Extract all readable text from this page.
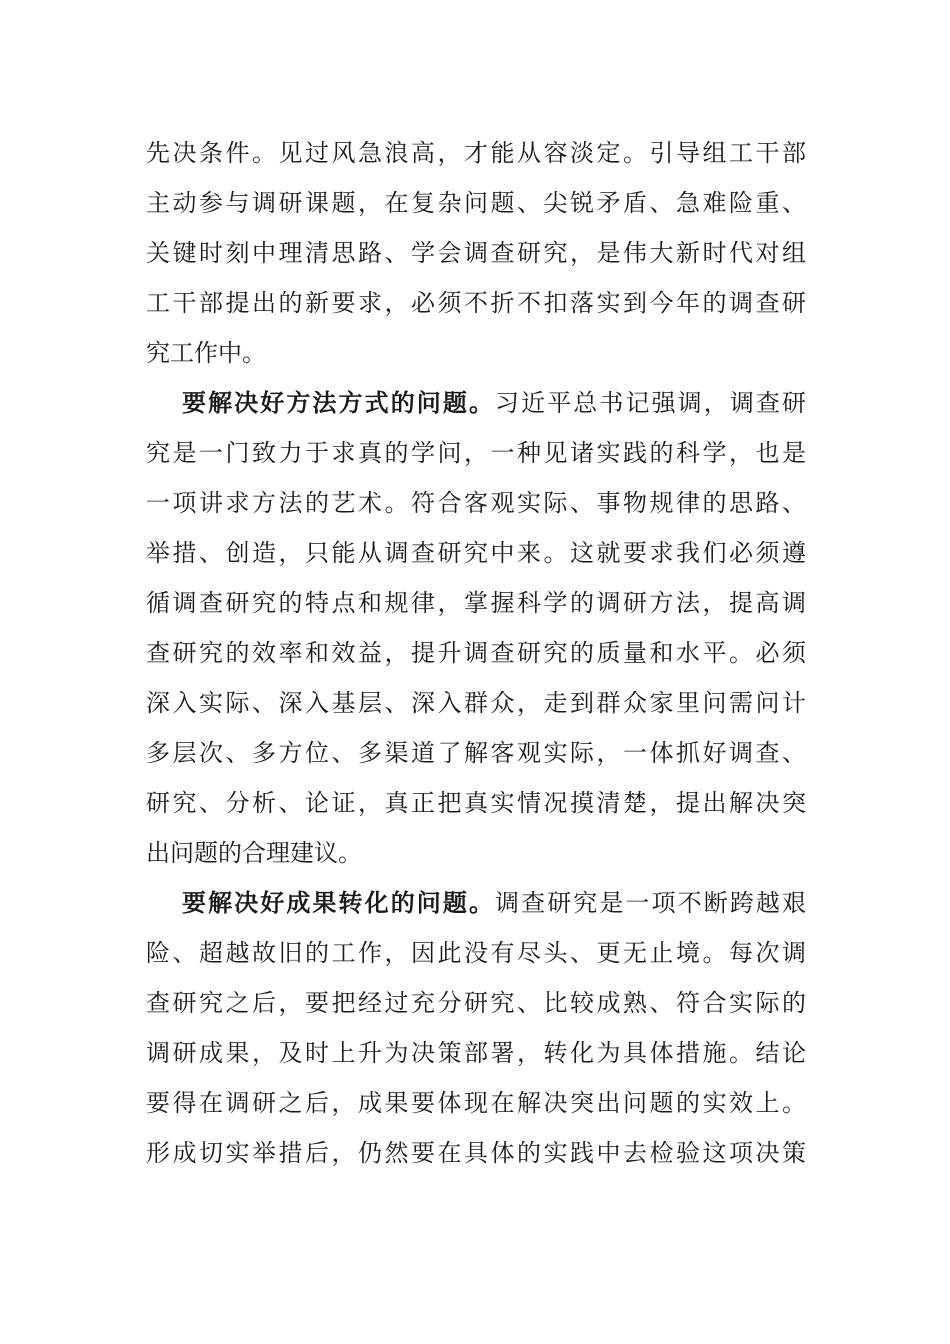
先决条件。见过风急浪高，才能从容淡定。引导组工干部
主动参与调研课题，在复杂问题、尖锐矛盾、急难险重、
关键时刻中理清思路、学会调查研究，是伟大新时代对组
工干部提出的新要求，必须不折不扣落实到今年的调查研
究工作中。
要解决好方法方式的问题。习近平总书记强调，调查研
究是一门致力于求真的学问，一种见诸实践的科学，也是
一项讲求方法的艺术。符合客观实际、事物规律的思路、
举措、创造，只能从调查研究中来。这就要求我们必须遵
循调查研究的特点和规律，掌握科学的调研方法，提高调
查研究的效率和效益，提升调查研究的质量和水平。必须
深入实际、深入基层、深入群众，走到群众家里问需问计
多层次、多方位、多渠道了解客观实际，一体抓好调查、
研究、分析、论证，真正把真实情况摸清楚，提出解决突
出问题的合理建议。
要解决好成果转化的问题。调查研究是一项不断跨越艰
险、超越故旧的工作，因此没有尽头、更无止境。每次调
查研究之后，要把经过充分研究、比较成熟、符合实际的
调研成果，及时上升为决策部署，转化为具体措施。结论
要得在调研之后，成果要体现在解决突出问题的实效上。
形成切实举措后，仍然要在具体的实践中去检验这项决策
